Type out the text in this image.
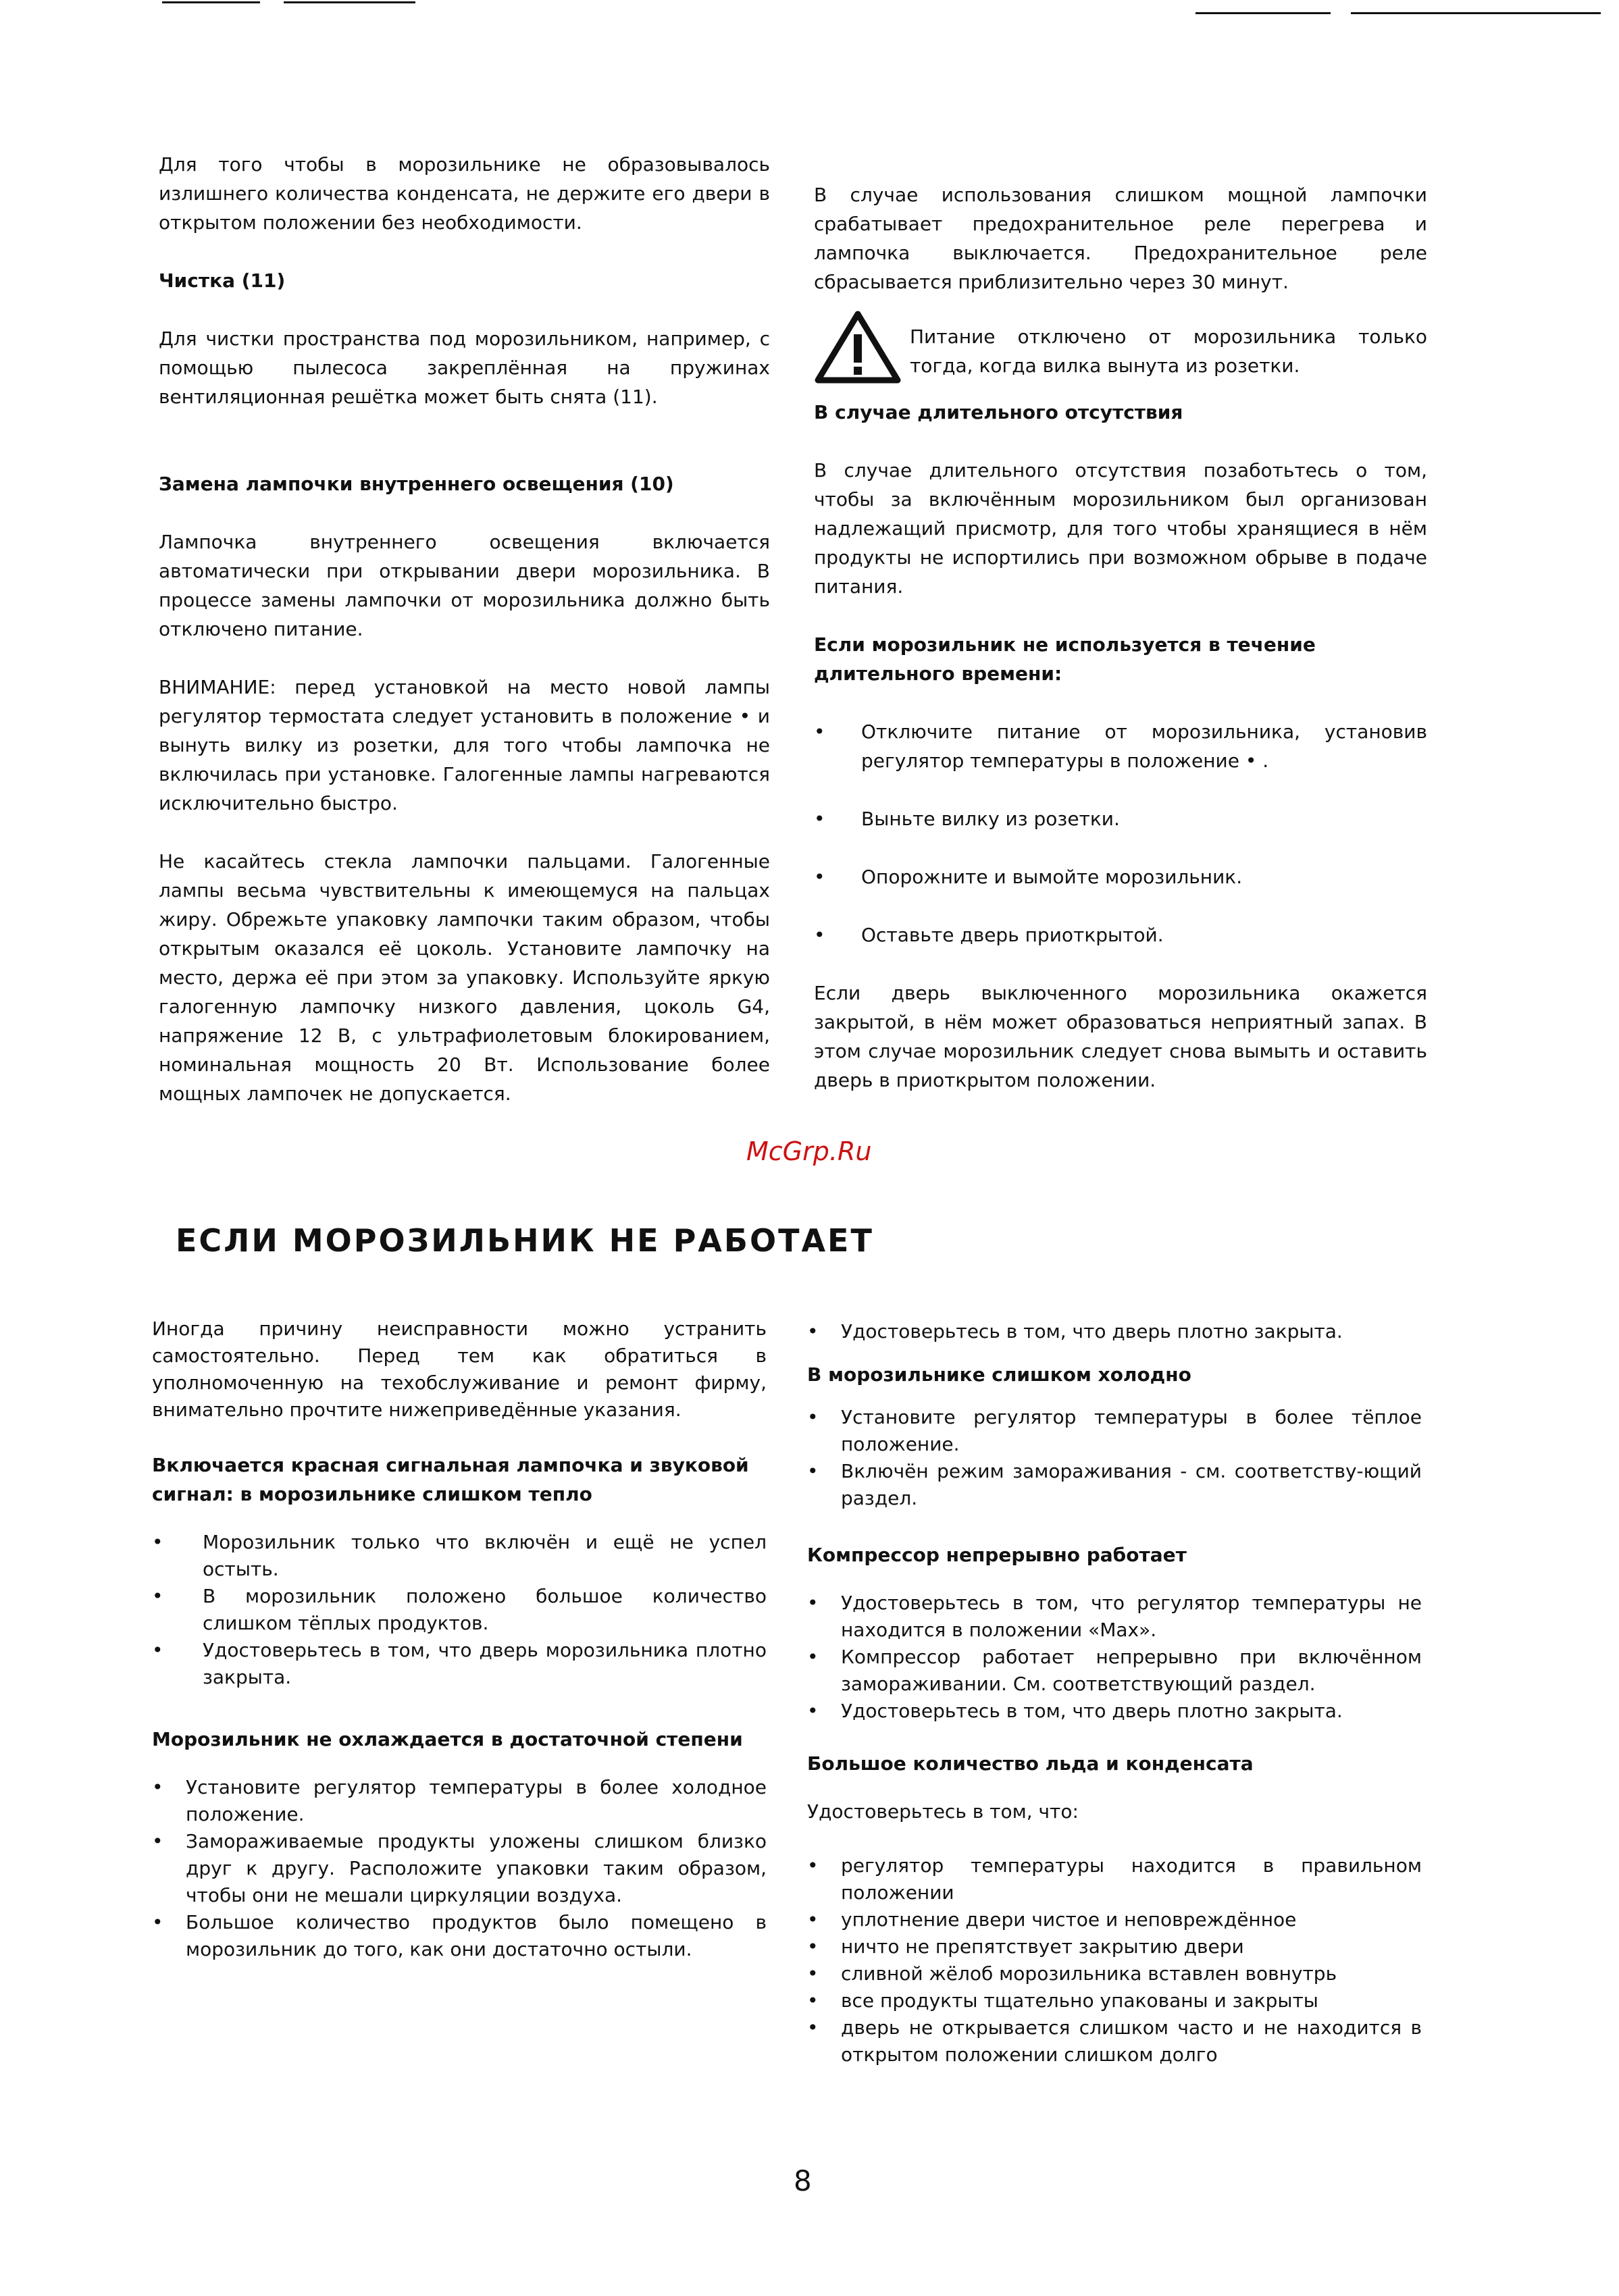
Для того чтобы в морозильнике не образовывалось излишнего количества конденсата, не держите его двери в открытом положении без необходимости.

Чистка (11)

Для чистки пространства под морозильником, например, с помощью пылесоса закреплённая на пружинах вентиляционная решётка может быть снята (11).

Замена лампочки внутреннего освещения (10)

Лампочка внутреннего освещения включается автоматически при открывании двери морозильника. В процессе замены лампочки от морозильника должно быть отключено питание.

ВНИМАНИЕ: перед установкой на место новой лампы регулятор термостата следует установить в положение • и вынуть вилку из розетки, для того чтобы лампочка не включилась при установке. Галогенные лампы нагреваются исключительно быстро.

Не касайтесь стекла лампочки пальцами. Галогенные лампы весьма чувствительны к имеющемуся на пальцах жиру. Обрежьте упаковку лампочки таким образом, чтобы открытым оказался её цоколь. Установите лампочку на место, держа её при этом за упаковку. Используйте яркую галогенную лампочку низкого давления, цоколь G4, напряжение 12 В, с ультрафиолетовым блокированием, номинальная мощность 20 Вт. Использование более мощных лампочек не допускается.

В случае использования слишком мощной лампочки срабатывает предохранительное реле перегрева и лампочка выключается. Предохранительное реле сбрасывается приблизительно через 30 минут.

Питание отключено от морозильника только тогда, когда вилка вынута из розетки.

В случае длительного отсутствия

В случае длительного отсутствия позаботьтесь о том, чтобы за включённым морозильником был организован надлежащий присмотр, для того чтобы хранящиеся в нём продукты не испортились при возможном обрыве в подаче питания.

Если морозильник не используется в течение длительного времени:
•	Отключите питание от морозильника, установив регулятор температуры в положение • .
•	Выньте вилку из розетки.
•	Опорожните и вымойте морозильник.
•	Оставьте дверь приоткрытой.

Если дверь выключенного морозильника окажется закрытой, в нём может образоваться неприятный запах. В этом случае морозильник следует снова вымыть и оставить дверь в приоткрытом положении.

McGrp.Ru
ЕСЛИ МОРОЗИЛЬНИК НЕ РАБОТАЕТ

Иногда причину неисправности можно устранить самостоятельно. Перед тем как обратиться в уполномоченную на техобслуживание и ремонт фирму, внимательно прочтите нижеприведённые указания.

Включается красная сигнальная лампочка и звуковой сигнал: в морозильнике слишком тепло
•	Морозильник только что включён и ещё не успел остыть.
•	В морозильник положено большое количество слишком тёплых продуктов.
•	Удостоверьтесь в том, что дверь морозильника плотно закрыта.
Морозильник не охлаждается в достаточной степени
•	Установите регулятор температуры в более холодное положение.
•	Замораживаемые продукты уложены слишком близко друг к другу. Расположите упаковки таким образом, чтобы они не мешали циркуляции воздуха.
•	Большое количество продуктов было помещено в морозильник до того, как они достаточно остыли.
•	Удостоверьтесь в том, что дверь плотно закрыта.
В морозильнике слишком холодно
•	Установите регулятор температуры в более тёплое положение.
•	Включён режим замораживания - см. соответству-ющий раздел.
Компрессор непрерывно работает
•	Удостоверьтесь в том, что регулятор температуры не находится в положении «Max».
•	Компрессор работает непрерывно при включённом замораживании. См. соответствующий раздел.
•	Удостоверьтесь в том, что дверь плотно закрыта.
Большое количество льда и конденсата

Удостоверьтесь в том, что:

•	регулятор температуры находится в правильном положении
•	уплотнение двери чистое и неповреждённое
•	ничто не препятствует закрытию двери
•	сливной жёлоб морозильника вставлен вовнутрь
•	все продукты тщательно упакованы и закрыты
•	дверь не открывается слишком часто и не находится в открытом положении слишком долго
8
